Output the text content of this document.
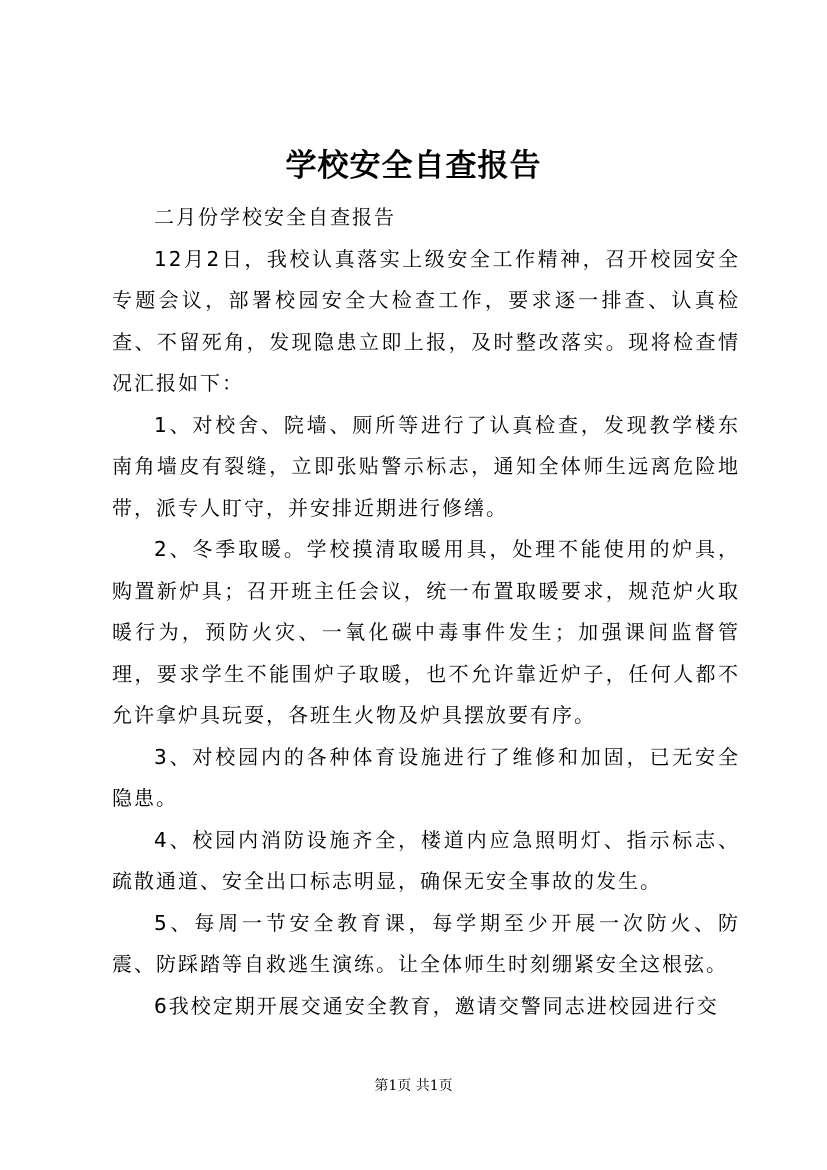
学校安全自查报告

二月份学校安全自查报告

12月2日，我校认真落实上级安全工作精神，召开校园安全专题会议，部署校园安全大检查工作，要求逐一排查、认真检查、不留死角，发现隐患立即上报，及时整改落实。现将检查情况汇报如下：

1、对校舍、院墙、厕所等进行了认真检查，发现教学楼东南角墙皮有裂缝，立即张贴警示标志，通知全体师生远离危险地带，派专人盯守，并安排近期进行修缮。

2、冬季取暖。学校摸清取暖用具，处理不能使用的炉具，购置新炉具；召开班主任会议，统一布置取暖要求，规范炉火取暖行为，预防火灾、一氧化碳中毒事件发生；加强课间监督管理，要求学生不能围炉子取暖，也不允许靠近炉子，任何人都不允许拿炉具玩耍，各班生火物及炉具摆放要有序。

3、对校园内的各种体育设施进行了维修和加固，已无安全隐患。

4、校园内消防设施齐全，楼道内应急照明灯、指示标志、疏散通道、安全出口标志明显，确保无安全事故的发生。

5、每周一节安全教育课，每学期至少开展一次防火、防震、防踩踏等自救逃生演练。让全体师生时刻绷紧安全这根弦。

6我校定期开展交通安全教育，邀请交警同志进校园进行交

第1页 共1页
